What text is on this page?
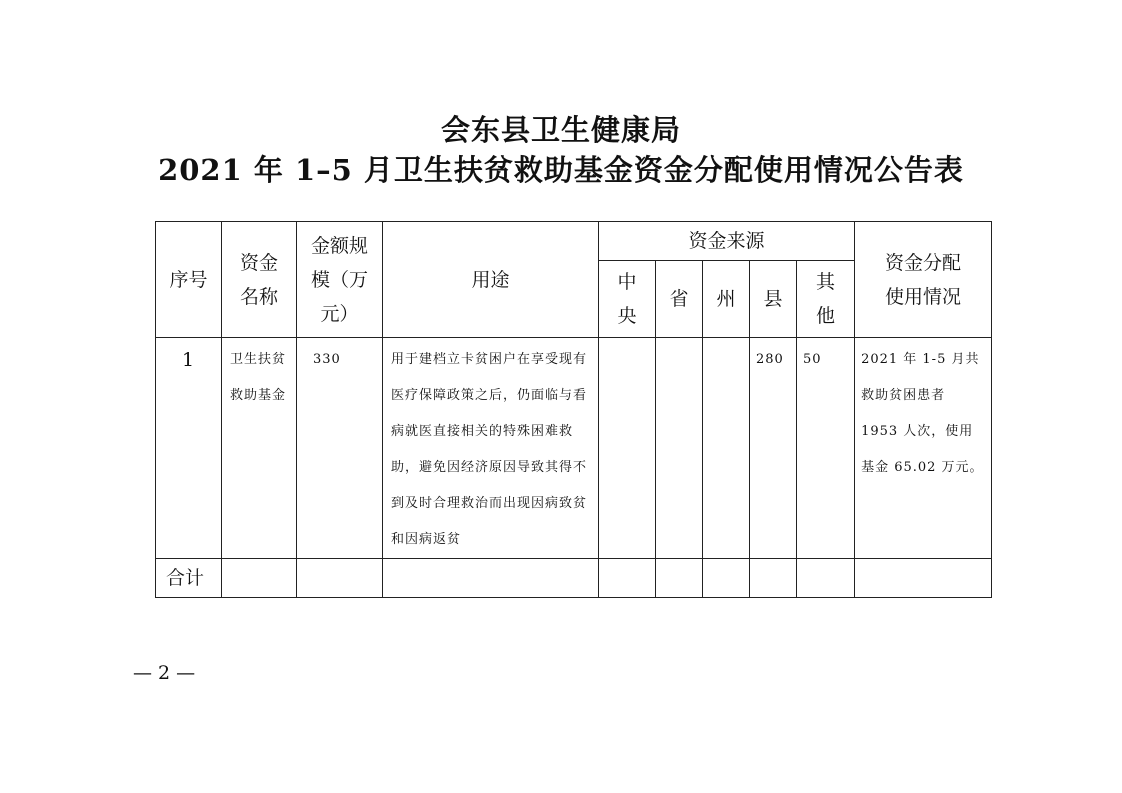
会东县卫生健康局
2021 年 1–5 月卫生扶贫救助基金资金分配使用情况公告表
序号	资金名称	金额规模（万元）	用途	资金来源					资金分配使用情况
				中央	省	州	县	其他	
1	卫生扶贫救助基金	330	用于建档立卡贫困户在享受现有医疗保障政策之后，仍面临与看病就医直接相关的特殊困难救助，避免因经济原因导致其得不到及时合理救治而出现因病致贫和因病返贫				280	50	2021 年 1-5 月共救助贫困患者 1953 人次，使用基金 65.02 万元。
合计									
— 2 —
